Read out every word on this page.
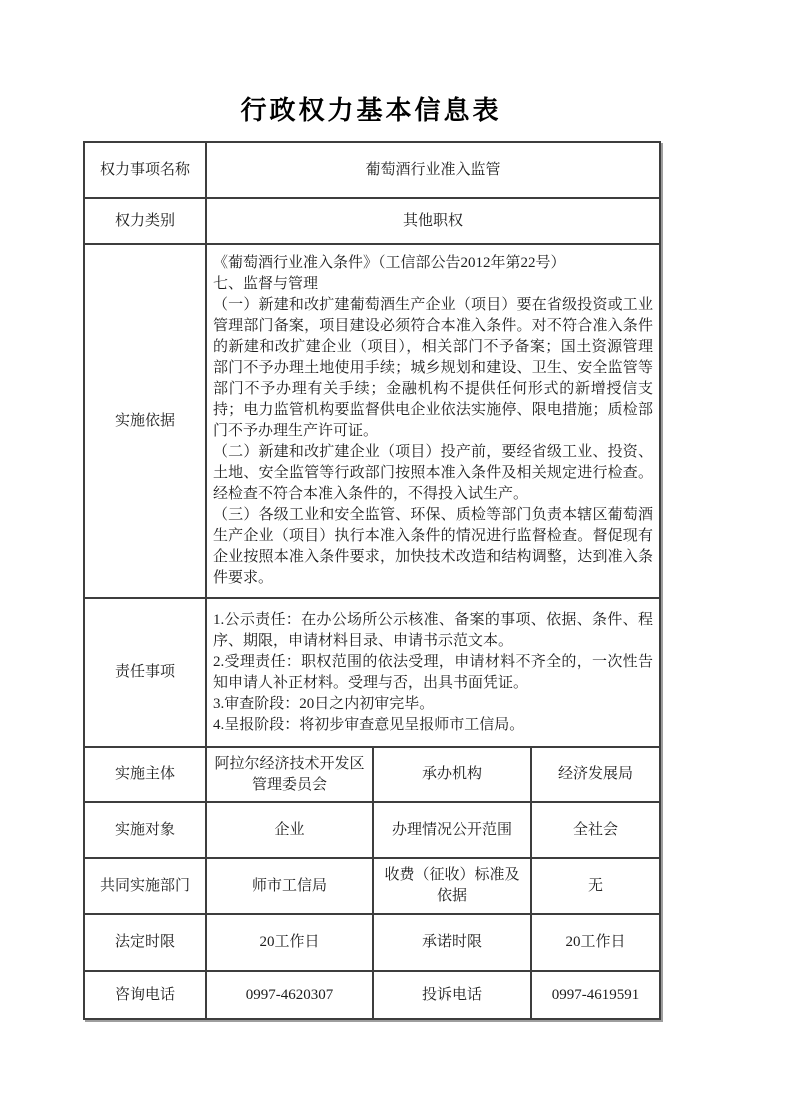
行政权力基本信息表
权力事项名称	葡萄酒行业准入监管		
权力类别	其他职权		
实施依据	《葡萄酒行业准入条件》（工信部公告2012年第22号）

七、监督与管理

（一）新建和改扩建葡萄酒生产企业（项目）要在省级投资或工业管理部门备案，项目建设必须符合本准入条件。对不符合准入条件的新建和改扩建企业（项目），相关部门不予备案；国土资源管理部门不予办理土地使用手续；城乡规划和建设、卫生、安全监管等部门不予办理有关手续；金融机构不提供任何形式的新增授信支持；电力监管机构要监督供电企业依法实施停、限电措施；质检部门不予办理生产许可证。

（二）新建和改扩建企业（项目）投产前，要经省级工业、投资、土地、安全监管等行政部门按照本准入条件及相关规定进行检查。经检查不符合本准入条件的，不得投入试生产。

（三）各级工业和安全监管、环保、质检等部门负责本辖区葡萄酒生产企业（项目）执行本准入条件的情况进行监督检查。督促现有企业按照本准入条件要求，加快技术改造和结构调整，达到准入条件要求。		

责任事项	1.公示责任：在办公场所公示核准、备案的事项、依据、条件、程序、期限，申请材料目录、申请书示范文本。

2.受理责任：职权范围的依法受理，申请材料不齐全的，一次性告知申请人补正材料。受理与否，出具书面凭证。

3.审查阶段：20日之内初审完毕。

4.呈报阶段：将初步审查意见呈报师市工信局。		

实施主体	阿拉尔经济技术开发区管理委员会	承办机构	经济发展局
实施对象	企业	办理情况公开范围	全社会
共同实施部门	师市工信局	收费（征收）标准及依据	无
法定时限	20工作日	承诺时限	20工作日
咨询电话	0997-4620307	投诉电话	0997-4619591
